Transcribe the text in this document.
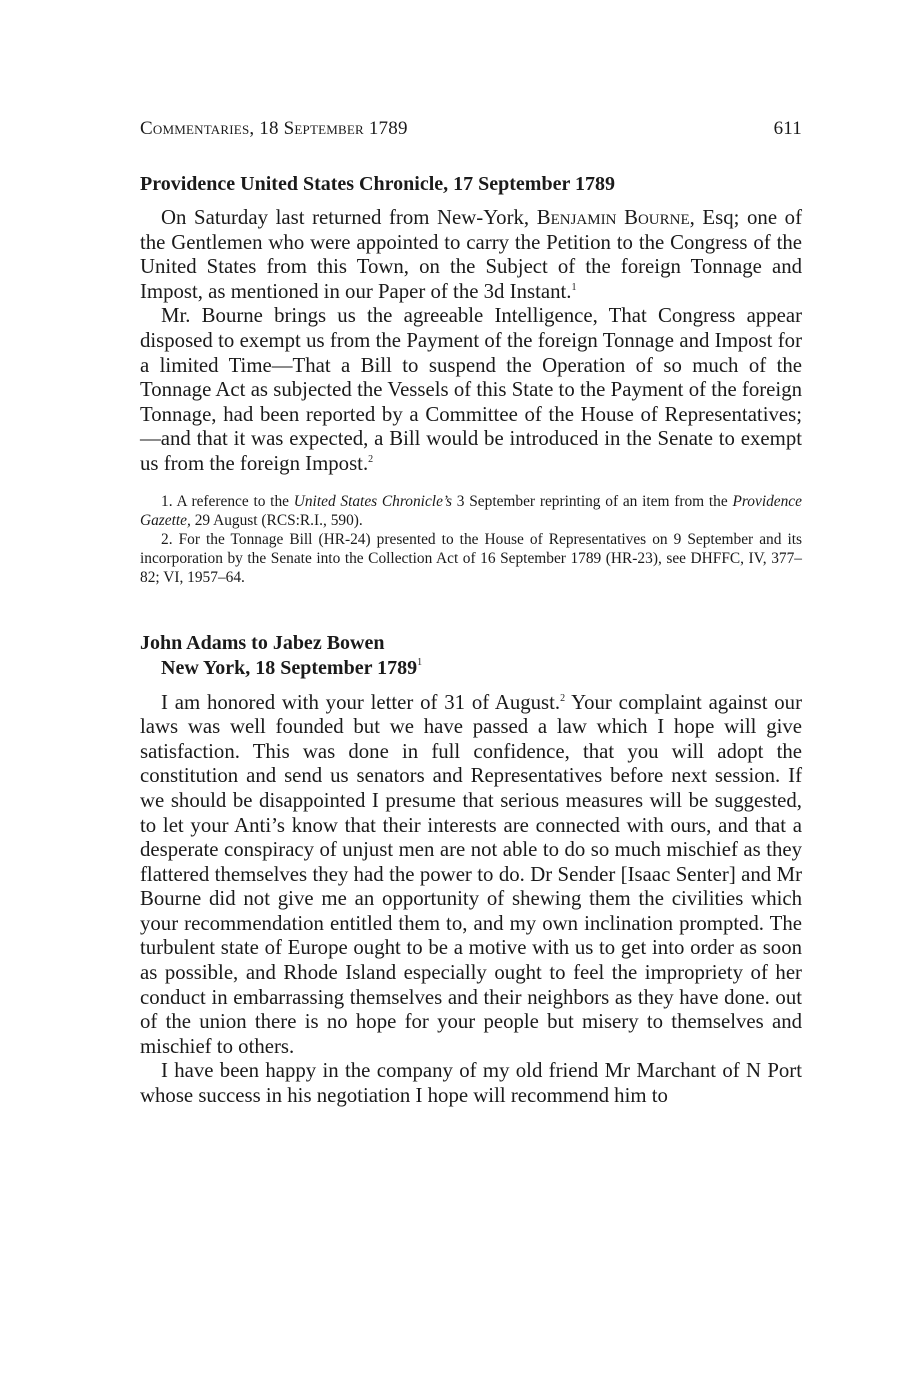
Commentaries, 18 September 1789	611
Providence United States Chronicle, 17 September 1789

On Saturday last returned from New-York, Benjamin Bourne, Esq; one of the Gentlemen who were appointed to carry the Petition to the Congress of the United States from this Town, on the Subject of the foreign Tonnage and Impost, as mentioned in our Paper of the 3d Instant.$^1$

Mr. Bourne brings us the agreeable Intelligence, That Congress appear disposed to exempt us from the Payment of the foreign Tonnage and Impost for a limited Time—That a Bill to suspend the Operation of so much of the Tonnage Act as subjected the Vessels of this State to the Payment of the foreign Tonnage, had been reported by a Committee of the House of Representatives;—and that it was expected, a Bill would be introduced in the Senate to exempt us from the foreign Impost.$^2$

1. A reference to the United States Chronicle’s 3 September reprinting of an item from the Providence Gazette, 29 August (RCS:R.I., 590).

2. For the Tonnage Bill (HR-24) presented to the House of Representatives on 9 September and its incorporation by the Senate into the Collection Act of 16 September 1789 (HR-23), see DHFFC, IV, 377–82; VI, 1957–64.

John Adams to Jabez Bowen
New York, 18 September 1789$^1$

I am honored with your letter of 31 of August.$^2$ Your complaint against our laws was well founded but we have passed a law which I hope will give satisfaction. This was done in full confidence, that you will adopt the constitution and send us senators and Representatives before next session. If we should be disappointed I presume that serious measures will be suggested, to let your Anti’s know that their interests are connected with ours, and that a desperate conspiracy of unjust men are not able to do so much mischief as they flattered themselves they had the power to do. Dr Sender [Isaac Senter] and Mr Bourne did not give me an opportunity of shewing them the civilities which your recommendation entitled them to, and my own inclination prompted. The turbulent state of Europe ought to be a motive with us to get into order as soon as possible, and Rhode Island especially ought to feel the impropriety of her conduct in embarrassing themselves and their neighbors as they have done. out of the union there is no hope for your people but misery to themselves and mischief to others.

I have been happy in the company of my old friend Mr Marchant of N Port whose success in his negotiation I hope will recommend him to
